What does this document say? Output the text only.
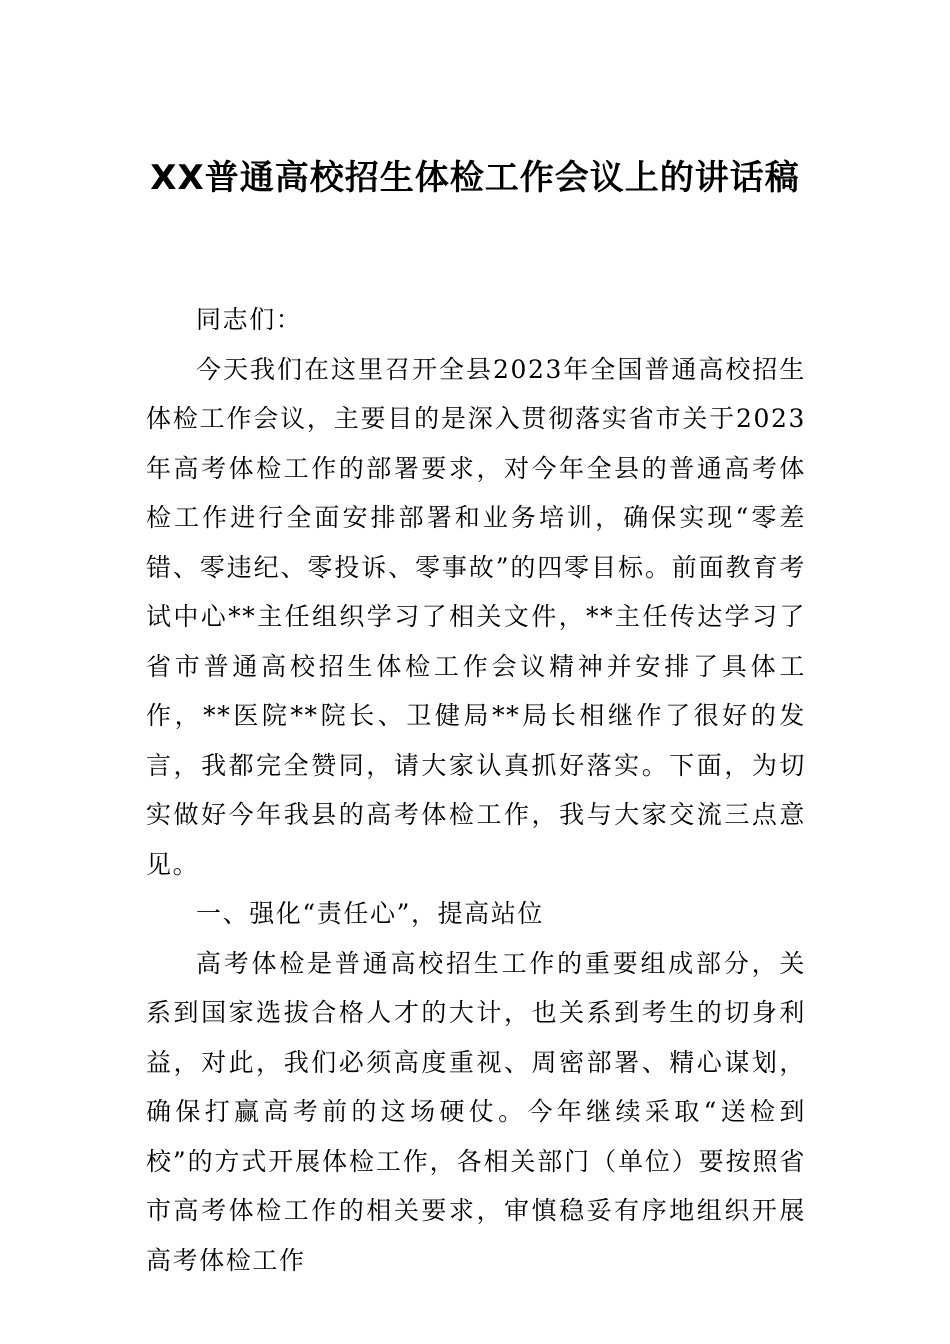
XX普通高校招生体检工作会议上的讲话稿

同志们：

今天我们在这里召开全县2023年全国普通高校招生体检工作会议，主要目的是深入贯彻落实省市关于2023年高考体检工作的部署要求，对今年全县的普通高考体检工作进行全面安排部署和业务培训，确保实现“零差错、零违纪、零投诉、零事故”的四零目标。前面教育考试中心**主任组织学习了相关文件，**主任传达学习了省市普通高校招生体检工作会议精神并安排了具体工作，**医院**院长、卫健局**局长相继作了很好的发言，我都完全赞同，请大家认真抓好落实。下面，为切实做好今年我县的高考体检工作，我与大家交流三点意见。

一、强化“责任心”，提高站位

高考体检是普通高校招生工作的重要组成部分，关系到国家选拔合格人才的大计，也关系到考生的切身利益，对此，我们必须高度重视、周密部署、精心谋划，确保打赢高考前的这场硬仗。今年继续采取“送检到校”的方式开展体检工作，各相关部门（单位）要按照省市高考体检工作的相关要求，审慎稳妥有序地组织开展高考体检工作
